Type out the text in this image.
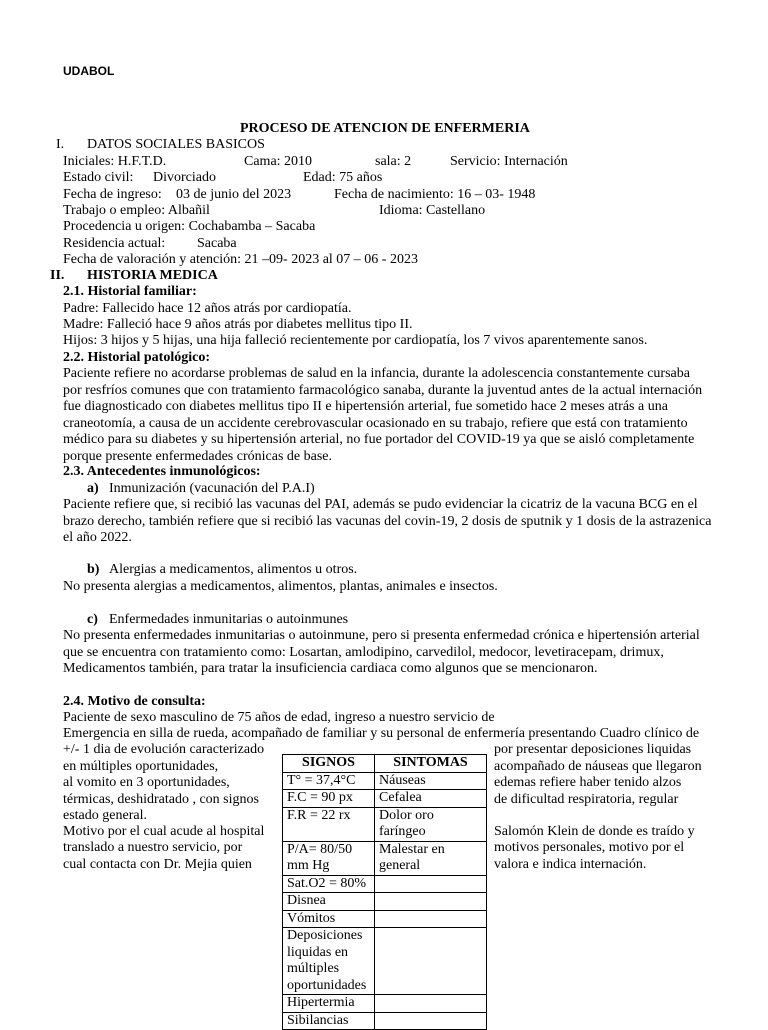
UDABOL
PROCESO DE ATENCION DE ENFERMERIA
I. DATOS SOCIALES BASICOS
Iniciales: H.F.T.D.	Cama: 2010	sala: 2	Servicio: Internación
Estado civil: Divorciado	Edad: 75 años
Fecha de ingreso: 03 de junio del 2023	Fecha de nacimiento: 16 – 03- 1948
Trabajo o empleo: Albañil	Idioma: Castellano
Procedencia u origen: Cochabamba – Sacaba
Residencia actual: Sacaba
Fecha de valoración y atención: 21 –09- 2023 al 07 – 06 - 2023
II. HISTORIA MEDICA
2.1. Historial familiar:
Padre: Fallecido hace 12 años atrás por cardiopatía.
Madre: Falleció hace 9 años atrás por diabetes mellitus tipo II.
Hijos: 3 hijos y 5 hijas, una hija falleció recientemente por cardiopatía, los 7 vivos aparentemente sanos.
2.2. Historial patológico:
Paciente refiere no acordarse problemas de salud en la infancia, durante la adolescencia constantemente cursaba por resfríos comunes que con tratamiento farmacológico sanaba, durante la juventud antes de la actual internación fue diagnosticado con diabetes mellitus tipo II e hipertensión arterial, fue sometido hace 2 meses atrás a una craneotomía, a causa de un accidente cerebrovascular ocasionado en su trabajo, refiere que está con tratamiento médico para su diabetes y su hipertensión arterial, no fue portador del COVID-19 ya que se aisló completamente porque presente enfermedades crónicas de base.
2.3. Antecedentes inmunológicos:
a) Inmunización (vacunación del P.A.I)
Paciente refiere que, si recibió las vacunas del PAI, además se pudo evidenciar la cicatriz de la vacuna BCG en el brazo derecho, también refiere que si recibió las vacunas del covin-19, 2 dosis de sputnik y 1 dosis de la astrazenica el año 2022.
b) Alergias a medicamentos, alimentos u otros.
No presenta alergias a medicamentos, alimentos, plantas, animales e insectos.
c) Enfermedades inmunitarias o autoinmunes
No presenta enfermedades inmunitarias o autoinmune, pero si presenta enfermedad crónica e hipertensión arterial que se encuentra con tratamiento como: Losartan, amlodipino, carvedilol, medocor, levetiracepam, drimux, Medicamentos también, para tratar la insuficiencia cardiaca como algunos que se mencionaron.
2.4. Motivo de consulta:
Paciente de sexo masculino de 75 años de edad, ingreso a nuestro servicio de
Emergencia en silla de rueda, acompañado de familiar y su personal de enfermería presentando Cuadro clínico de
+/- 1 dia de evolución caracterizado
en múltiples oportunidades,
al vomito en 3 oportunidades,
térmicas, deshidratado , con signos
estado general.
Motivo por el cual acude al hospital
translado a nuestro servicio, por
cual contacta con Dr. Mejia quien
por presentar deposiciones liquidas
acompañado de náuseas que llegaron
edemas refiere haber tenido alzos
de dificultad respiratoria, regular
Salomón Klein de donde es traído y
motivos personales, motivo por el
valora e indica internación.
SIGNOS	SINTOMAS
T° = 37,4°C	Náuseas
F.C = 90 px	Cefalea
F.R = 22 rx	Dolor oro faríngeo
P/A= 80/50 mm Hg	Malestar en general
Sat.O2 = 80%	
Disnea	
Vómitos	
Deposiciones liquidas en múltiples oportunidades	
Hipertermia	
Sibilancias	
